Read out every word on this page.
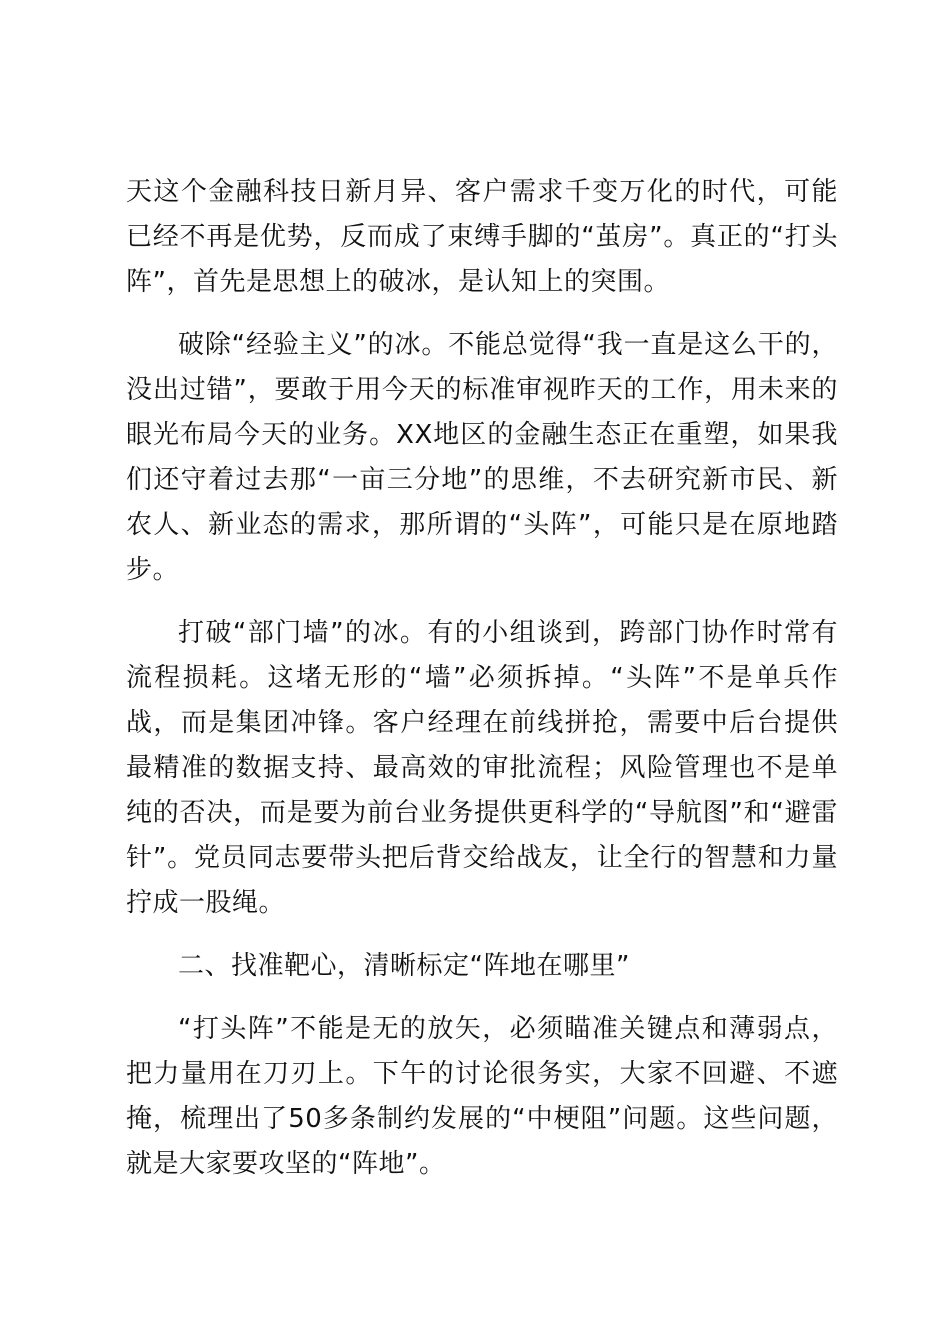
天这个金融科技日新月异、客户需求千变万化的时代，可能已经不再是优势，反而成了束缚手脚的“茧房”。真正的“打头阵”，首先是思想上的破冰，是认知上的突围。

破除“经验主义”的冰。不能总觉得“我一直是这么干的，没出过错”，要敢于用今天的标准审视昨天的工作，用未来的眼光布局今天的业务。XX地区的金融生态正在重塑，如果我们还守着过去那“一亩三分地”的思维，不去研究新市民、新农人、新业态的需求，那所谓的“头阵”，可能只是在原地踏步。

打破“部门墙”的冰。有的小组谈到，跨部门协作时常有流程损耗。这堵无形的“墙”必须拆掉。“头阵”不是单兵作战，而是集团冲锋。客户经理在前线拼抢，需要中后台提供最精准的数据支持、最高效的审批流程；风险管理也不是单纯的否决，而是要为前台业务提供更科学的“导航图”和“避雷针”。党员同志要带头把后背交给战友，让全行的智慧和力量拧成一股绳。

二、找准靶心，清晰标定“阵地在哪里”

“打头阵”不能是无的放矢，必须瞄准关键点和薄弱点，把力量用在刀刃上。下午的讨论很务实，大家不回避、不遮掩，梳理出了50多条制约发展的“中梗阻”问题。这些问题，就是大家要攻坚的“阵地”。
